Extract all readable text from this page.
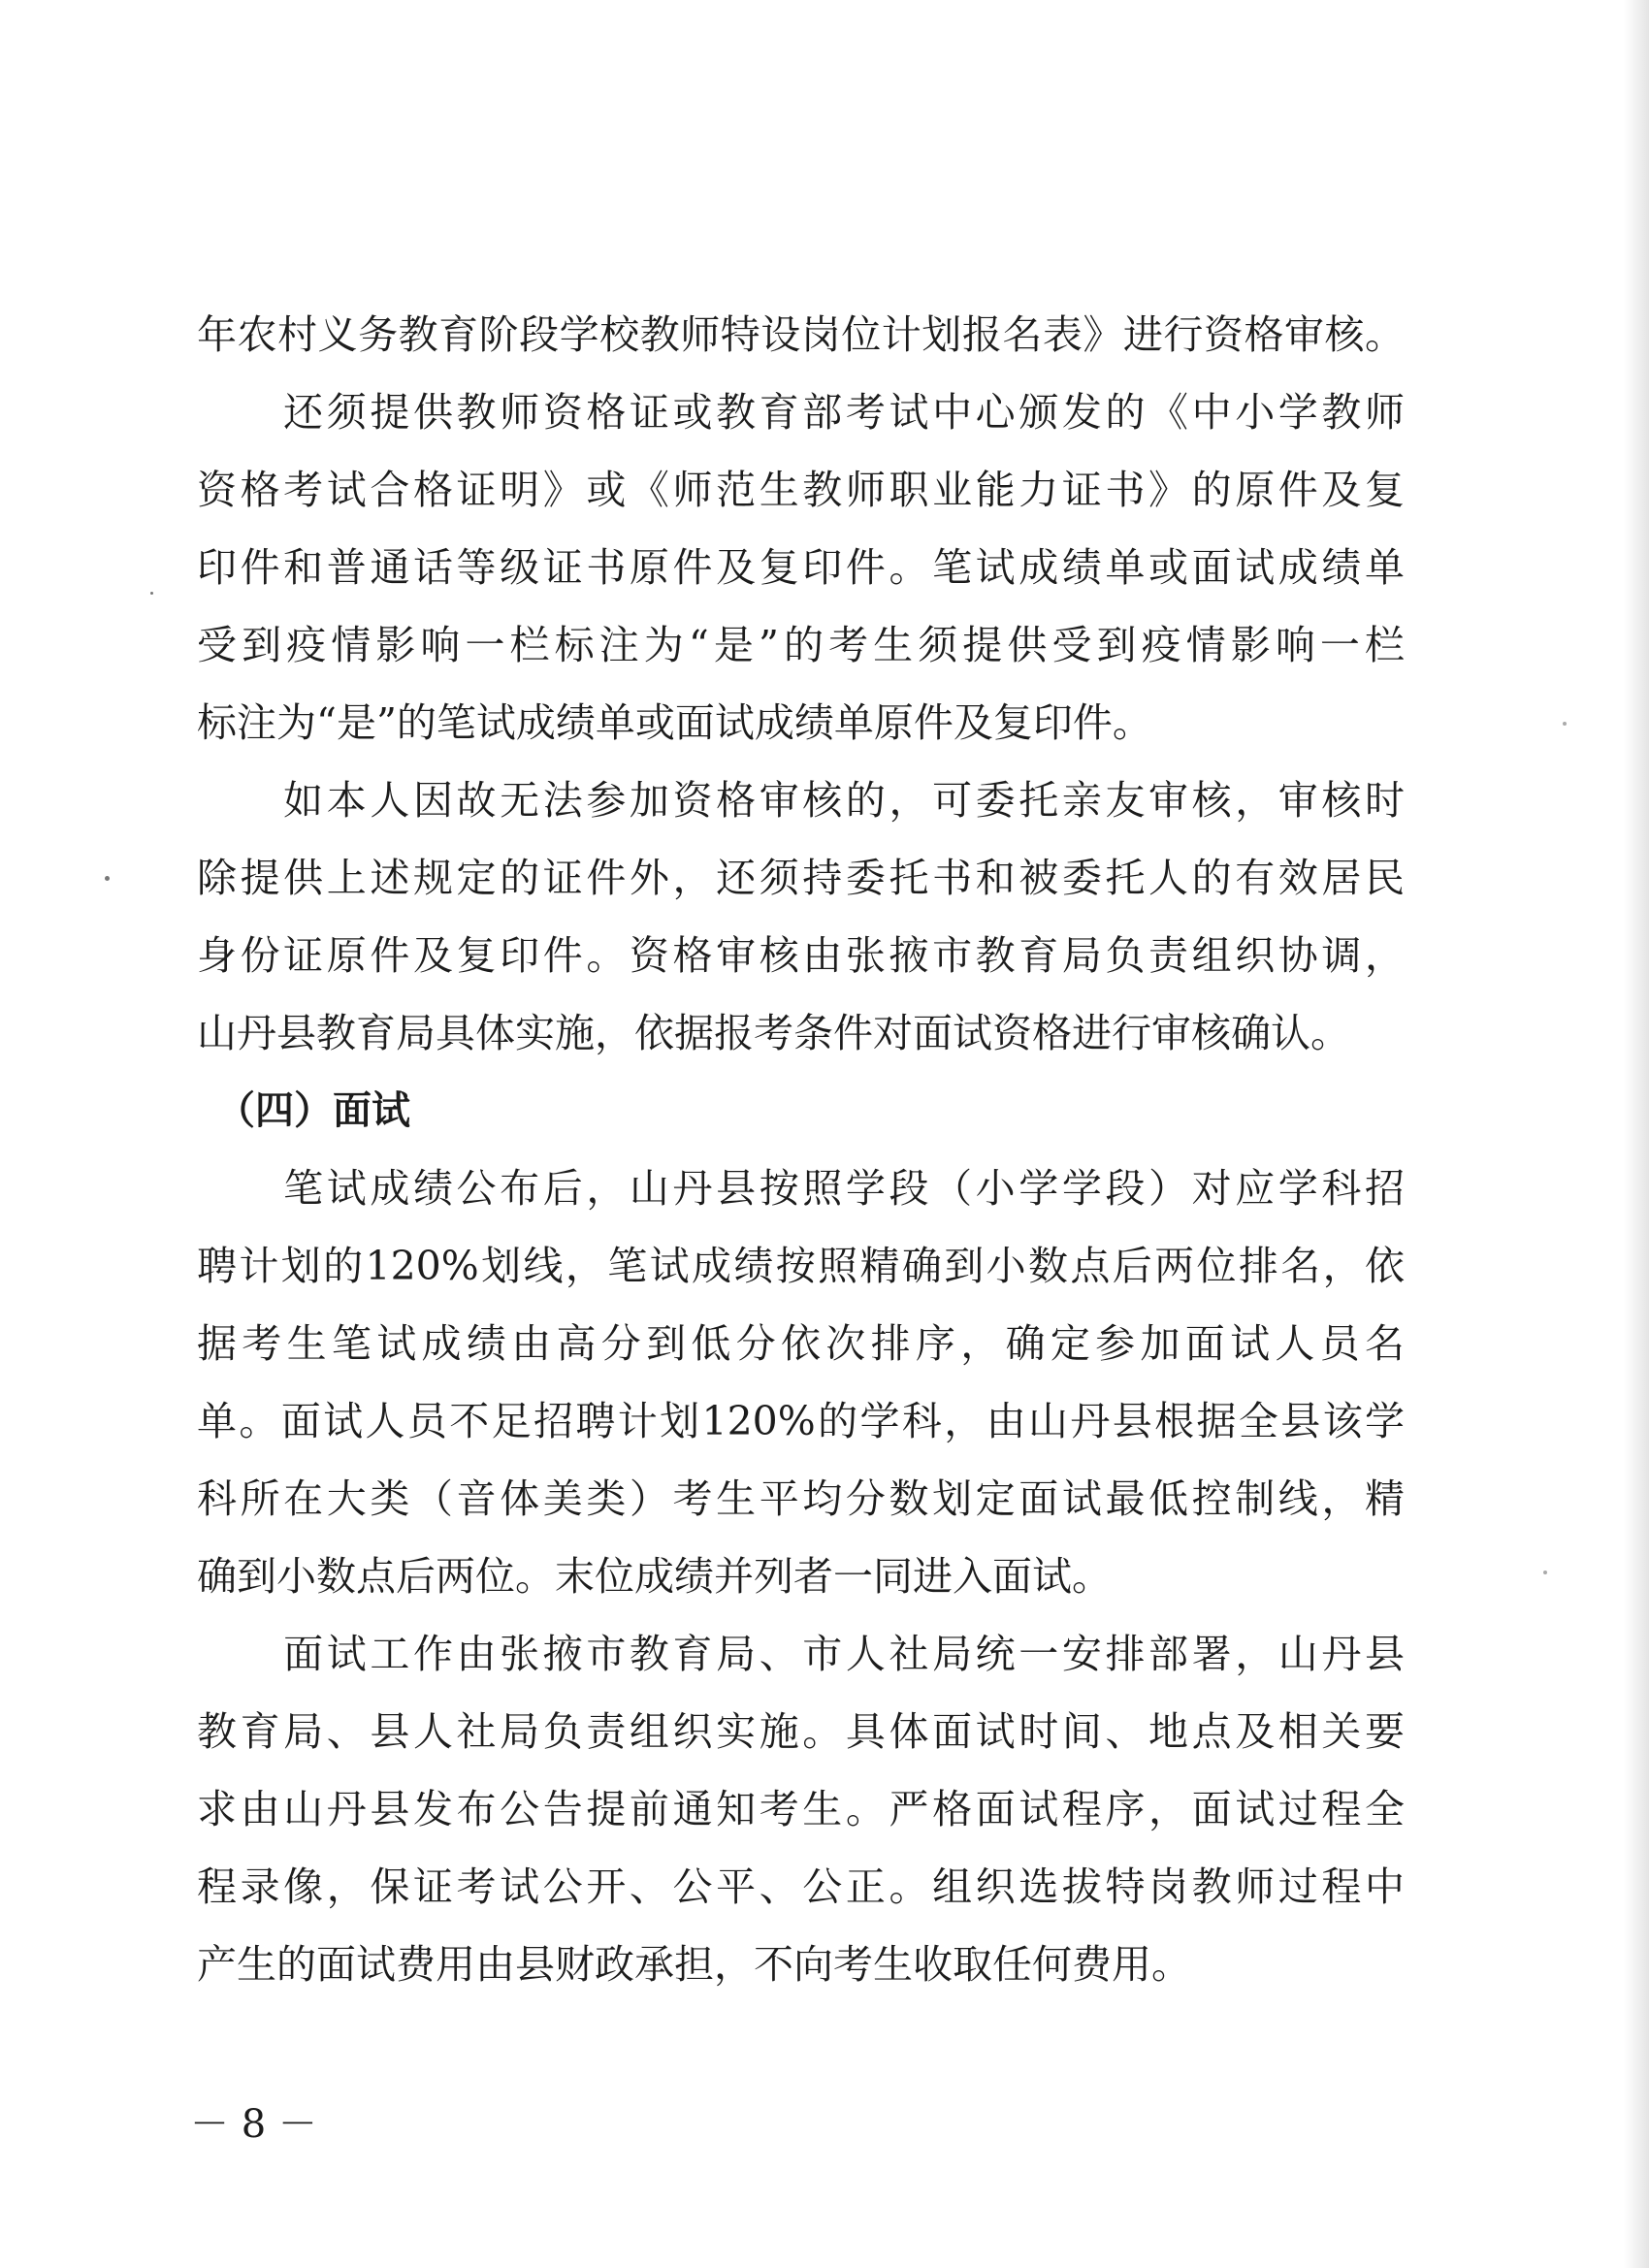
年农村义务教育阶段学校教师特设岗位计划报名表》进行资格审核。
　　还须提供教师资格证或教育部考试中心颁发的《中小学教师
资格考试合格证明》或《师范生教师职业能力证书》的原件及复
印件和普通话等级证书原件及复印件。笔试成绩单或面试成绩单
受到疫情影响一栏标注为“是”的考生须提供受到疫情影响一栏
标注为“是”的笔试成绩单或面试成绩单原件及复印件。
　　如本人因故无法参加资格审核的，可委托亲友审核，审核时
除提供上述规定的证件外，还须持委托书和被委托人的有效居民
身份证原件及复印件。资格审核由张掖市教育局负责组织协调，
山丹县教育局具体实施，依据报考条件对面试资格进行审核确认。
　（四）面试
　　笔试成绩公布后，山丹县按照学段（小学学段）对应学科招
聘计划的120%划线，笔试成绩按照精确到小数点后两位排名，依
据考生笔试成绩由高分到低分依次排序，确定参加面试人员名
单。面试人员不足招聘计划120%的学科，由山丹县根据全县该学
科所在大类（音体美类）考生平均分数划定面试最低控制线，精
确到小数点后两位。末位成绩并列者一同进入面试。
　　面试工作由张掖市教育局、市人社局统一安排部署，山丹县
教育局、县人社局负责组织实施。具体面试时间、地点及相关要
求由山丹县发布公告提前通知考生。严格面试程序，面试过程全
程录像，保证考试公开、公平、公正。组织选拔特岗教师过程中
产生的面试费用由县财政承担，不向考生收取任何费用。
－ 8 －
